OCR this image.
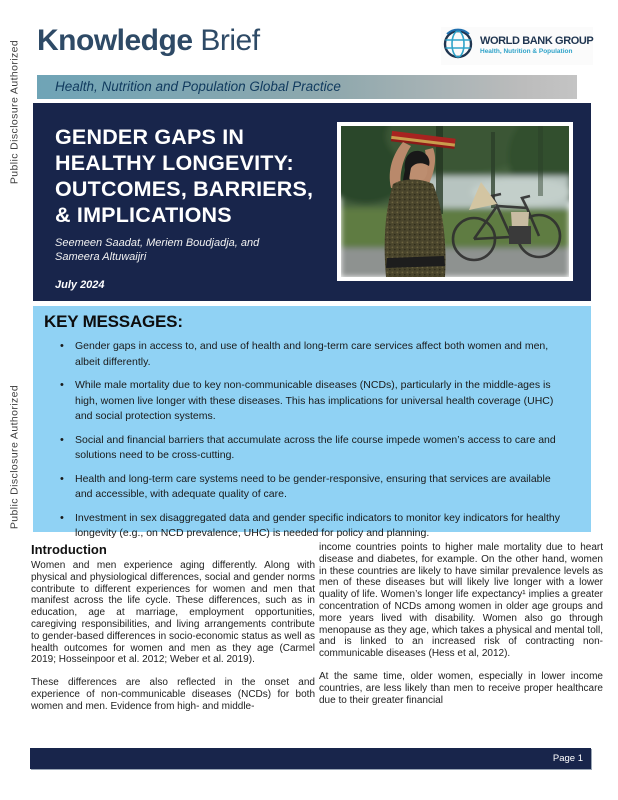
Public Disclosure Authorized
Public Disclosure Authorized
Knowledge Brief	WORLD BANK GROUP
Health, Nutrition & Population
Health, Nutrition and Population Global Practice
GENDER GAPS IN
HEALTHY LONGEVITY:
OUTCOMES, BARRIERS,
& IMPLICATIONS
Seemeen Saadat, Meriem Boudjadja, and
Sameera Altuwaijri
July 2024
KEY MESSAGES:
• Gender gaps in access to, and use of health and long-term care services affect both women and men, albeit differently.
• While male mortality due to key non-communicable diseases (NCDs), particularly in the middle-ages is high, women live longer with these diseases. This has implications for universal health coverage (UHC) and social protection systems.
• Social and financial barriers that accumulate across the life course impede women’s access to care and solutions need to be cross-cutting.
• Health and long-term care systems need to be gender-responsive, ensuring that services are available and accessible, with adequate quality of care.
• Investment in sex disaggregated data and gender specific indicators to monitor key indicators for healthy longevity (e.g., on NCD prevalence, UHC) is needed for policy and planning.
Introduction

Women and men experience aging differently. Along with physical and physiological differences, social and gender norms contribute to different experiences for women and men that manifest across the life cycle. These differences, such as in education, age at marriage, employment opportunities, caregiving responsibilities, and living arrangements contribute to gender-based differences in socio-economic status as well as health outcomes for women and men as they age (Carmel 2019; Hosseinpoor et al. 2012; Weber et al. 2019).

These differences are also reflected in the onset and experience of non-communicable diseases (NCDs) for both women and men. Evidence from high- and middle-

income countries points to higher male mortality due to heart disease and diabetes, for example. On the other hand, women in these countries are likely to have similar prevalence levels as men of these diseases but will likely live longer with a lower quality of life. Women’s longer life expectancy¹ implies a greater concentration of NCDs among women in older age groups and more years lived with disability. Women also go through menopause as they age, which takes a physical and mental toll, and is linked to an increased risk of contracting non-communicable diseases (Hess et al, 2012).

At the same time, older women, especially in lower income countries, are less likely than men to receive proper healthcare due to their greater financial

Page 1
